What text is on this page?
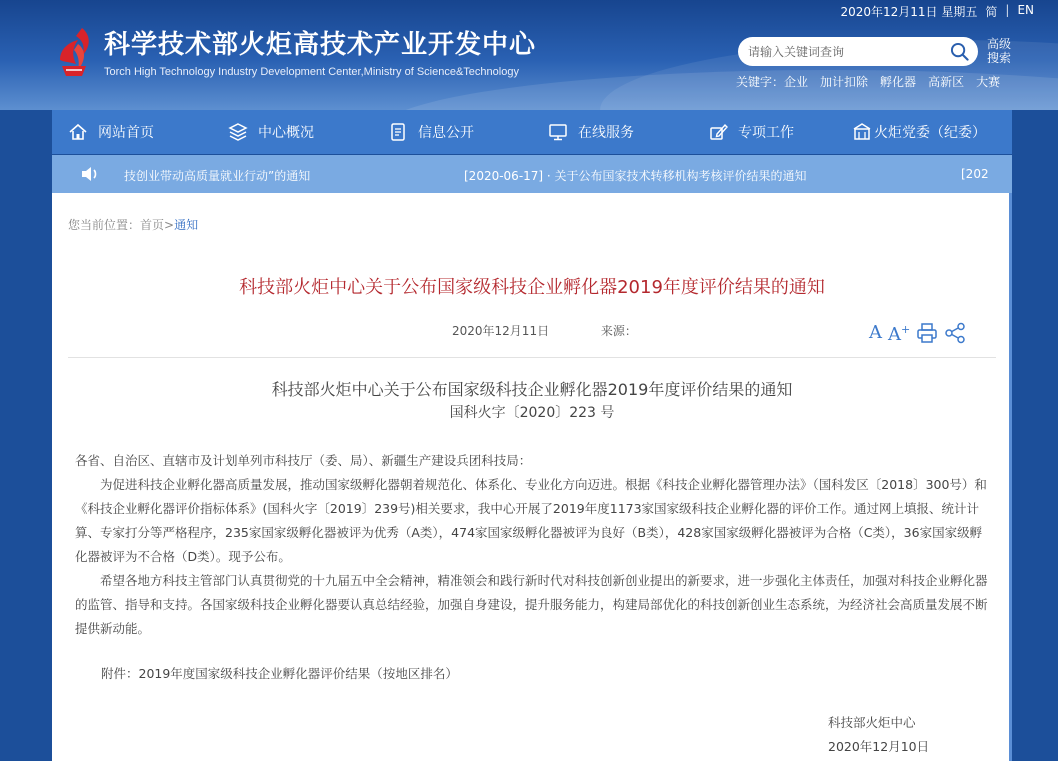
科学技术部火炬高技术产业开发中心
Torch High Technology Industry Development Center,Ministry of Science&Technology
2020年12月11日 星期五 简 | EN
请输入关键词查询
高级搜索
关键字： 企业 加计扣除 孵化器 高新区 大赛
网站首页	中心概况	信息公开	在线服务	专项工作	火炬党委（纪委）
技创业带动高质量就业行动”的通知	[2020-06-17] · 关于公布国家技术转移机构考核评价结果的通知	[202
您当前位置：首页>通知
科技部火炬中心关于公布国家级科技企业孵化器2019年度评价结果的通知
2020年12月11日	来源：	A A+
科技部火炬中心关于公布国家级科技企业孵化器2019年度评价结果的通知
国科火字〔2020〕223 号

各省、自治区、直辖市及计划单列市科技厅（委、局）、新疆生产建设兵团科技局：

为促进科技企业孵化器高质量发展，推动国家级孵化器朝着规范化、体系化、专业化方向迈进。根据《科技企业孵化器管理办法》（国科发区〔2018〕300号）和《科技企业孵化器评价指标体系》(国科火字〔2019〕239号)相关要求，我中心开展了2019年度1173家国家级科技企业孵化器的评价工作。通过网上填报、统计计算、专家打分等严格程序，235家国家级孵化器被评为优秀（A类），474家国家级孵化器被评为良好（B类），428家国家级孵化器被评为合格（C类），36家国家级孵化器被评为不合格（D类）。现予公布。

希望各地方科技主管部门认真贯彻党的十九届五中全会精神，精准领会和践行新时代对科技创新创业提出的新要求，进一步强化主体责任，加强对科技企业孵化器的监管、指导和支持。各国家级科技企业孵化器要认真总结经验，加强自身建设，提升服务能力，构建局部优化的科技创新创业生态系统，为经济社会高质量发展不断提供新动能。

附件：2019年度国家级科技企业孵化器评价结果（按地区排名）
科技部火炬中心
2020年12月10日
